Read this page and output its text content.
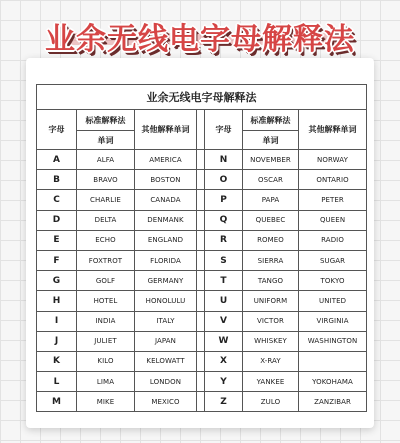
业余无线电字母解释法
业余无线电字母解释法						
字母	标准解释法	其他解释单词		字母	标准解释法	其他解释单词
	单词				单词	
A	ALFA	AMERICA		N	NOVEMBER	NORWAY
B	BRAVO	BOSTON		O	OSCAR	ONTARIO
C	CHARLIE	CANADA		P	PAPA	PETER
D	DELTA	DENMANK		Q	QUEBEC	QUEEN
E	ECHO	ENGLAND		R	ROMEO	RADIO
F	FOXTROT	FLORIDA		S	SIERRA	SUGAR
G	GOLF	GERMANY		T	TANGO	TOKYO
H	HOTEL	HONOLULU		U	UNIFORM	UNITED
I	INDIA	ITALY		V	VICTOR	VIRGINIA
J	JULIET	JAPAN		W	WHISKEY	WASHINGTON
K	KILO	KELOWATT		X	X-RAY	
L	LIMA	LONDON		Y	YANKEE	YOKOHAMA
M	MIKE	MEXICO		Z	ZULO	ZANZIBAR
